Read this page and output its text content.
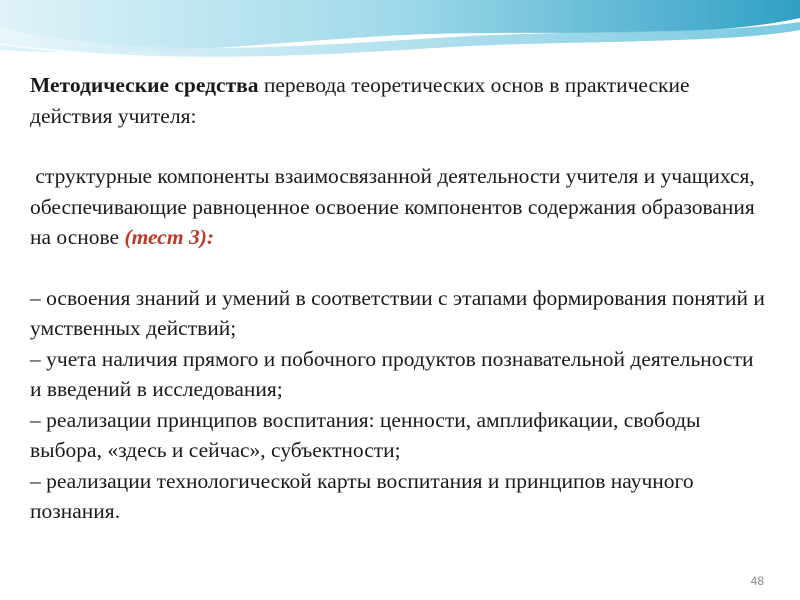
Методические средства перевода теоретических основ в практические действия учителя:

структурные компоненты взаимосвязанной деятельности учителя и учащихся, обеспечивающие равноценное освоение компонентов содержания образования на основе (тест 3):

– освоения знаний и умений в соответствии с этапами формирования понятий и умственных действий;

– учета наличия прямого и побочного продуктов познавательной деятельности и введений в исследования;

– реализации принципов воспитания: ценности, амплификации, свободы выбора, «здесь и сейчас», субъектности;

– реализации технологической карты воспитания и принципов научного познания.

48
